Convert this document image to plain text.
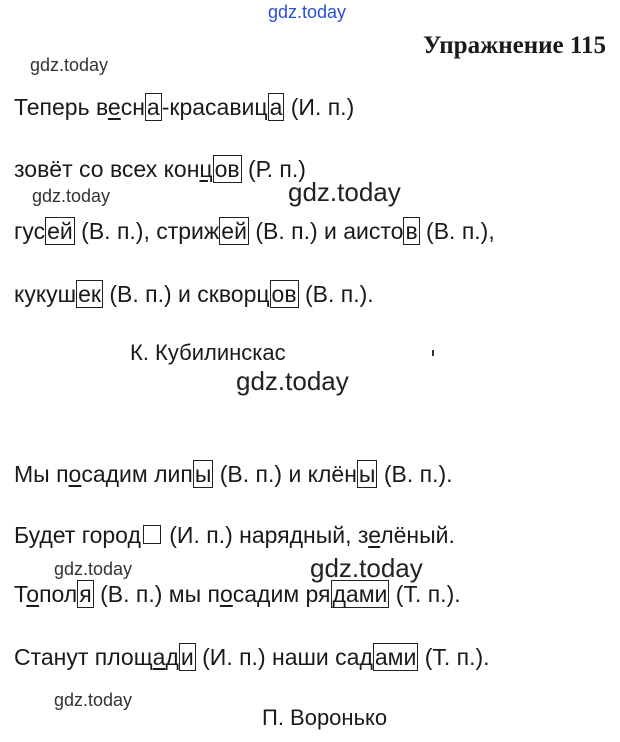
gdz.today
Упражнение 115
gdz.today
Теперь весна-красавица (И. п.)
зовёт со всех концов (Р. п.)
gdz.today	gdz.today
гусей (В. п.), стрижей (В. п.) и аистов (В. п.),
кукушек (В. п.) и скворцов (В. п.).
К. Кубилинскас
gdz.today
Мы посадим липы (В. п.) и клёны (В. п.).
Будет город (И. п.) нарядный, зелёный.
gdz.today	gdz.today
Тополя (В. п.) мы посадим рядами (Т. п.).
Станут площади (И. п.) наши садами (Т. п.).
gdz.today
П. Воронько
